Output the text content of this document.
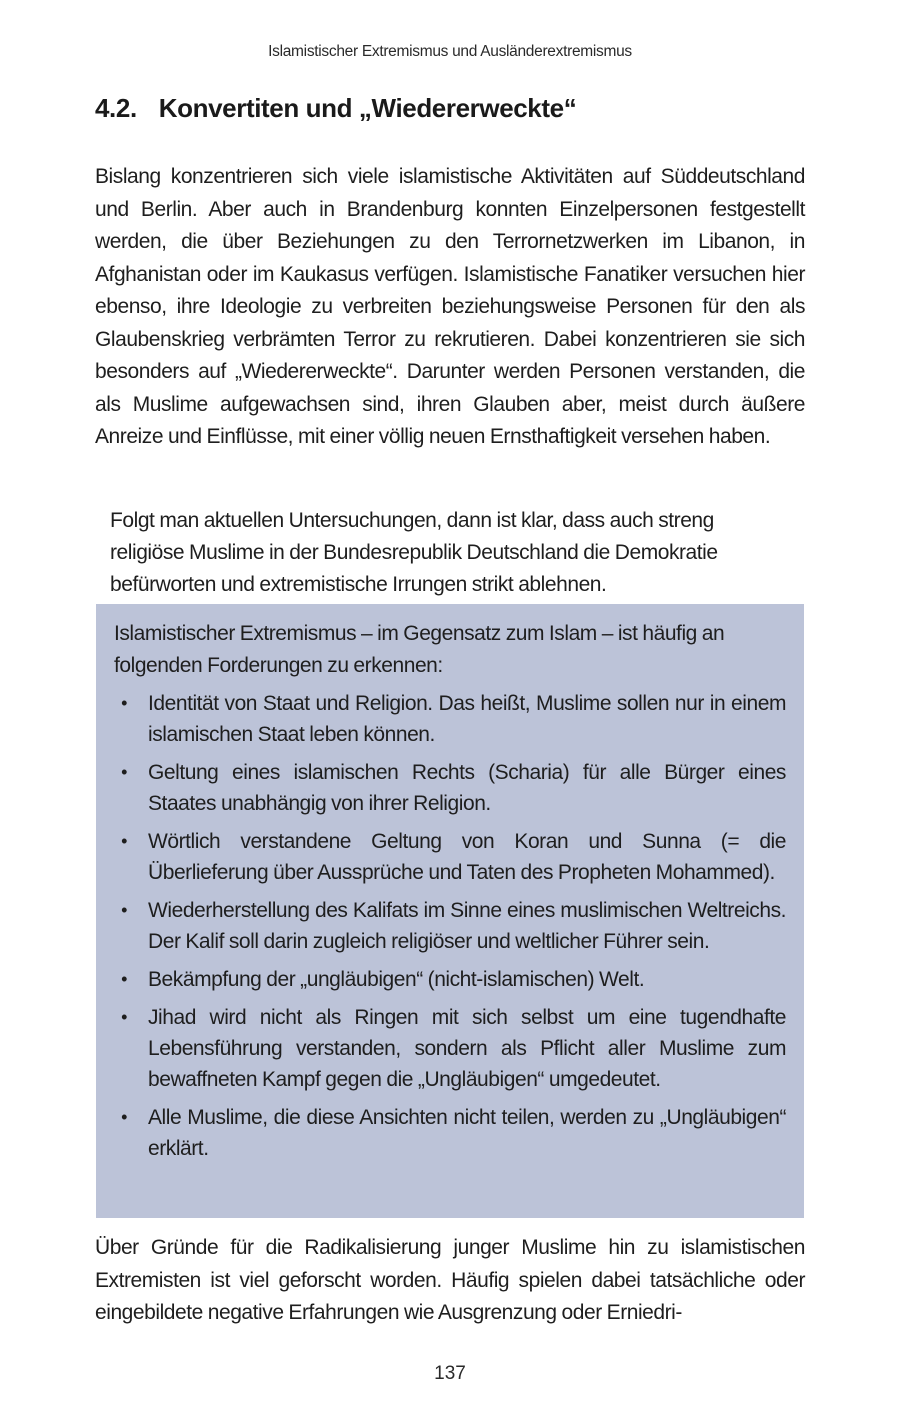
Islamistischer Extremismus und Ausländerextremismus
4.2. Konvertiten und „Wiedererweckte“

Bislang konzentrieren sich viele islamistische Aktivitäten auf Süddeutschland und Berlin. Aber auch in Brandenburg konnten Einzelpersonen festgestellt werden, die über Beziehungen zu den Terrornetzwerken im Libanon, in Afghanistan oder im Kaukasus verfügen. Islamistische Fanatiker versuchen hier ebenso, ihre Ideologie zu verbreiten beziehungsweise Personen für den als Glaubenskrieg verbrämten Terror zu rekrutieren. Dabei konzentrieren sie sich besonders auf „Wiedererweckte“. Darunter werden Personen verstanden, die als Muslime aufgewachsen sind, ihren Glauben aber, meist durch äußere Anreize und Einflüsse, mit einer völlig neuen Ernsthaftigkeit versehen haben.

Folgt man aktuellen Untersuchungen, dann ist klar, dass auch streng religiöse Muslime in der Bundesrepublik Deutschland die Demokratie befürworten und extremistische Irrungen strikt ablehnen.

Islamistischer Extremismus – im Gegensatz zum Islam – ist häufig an folgenden Forderungen zu erkennen:

•	Identität von Staat und Religion. Das heißt, Muslime sollen nur in einem islamischen Staat leben können.
•	Geltung eines islamischen Rechts (Scharia) für alle Bürger eines Staates unabhängig von ihrer Religion.
•	Wörtlich verstandene Geltung von Koran und Sunna (= die Überlieferung über Aussprüche und Taten des Propheten Mohammed).
•	Wiederherstellung des Kalifats im Sinne eines muslimischen Weltreichs. Der Kalif soll darin zugleich religiöser und weltlicher Führer sein.
•	Bekämpfung der „ungläubigen“ (nicht-islamischen) Welt.
•	Jihad wird nicht als Ringen mit sich selbst um eine tugendhafte Lebensführung verstanden, sondern als Pflicht aller Muslime zum bewaffneten Kampf gegen die „Ungläubigen“ umgedeutet.
•	Alle Muslime, die diese Ansichten nicht teilen, werden zu „Ungläubigen“ erklärt.

Über Gründe für die Radikalisierung junger Muslime hin zu islamistischen Extremisten ist viel geforscht worden. Häufig spielen dabei tatsächliche oder eingebildete negative Erfahrungen wie Ausgrenzung oder Erniedri-

137
